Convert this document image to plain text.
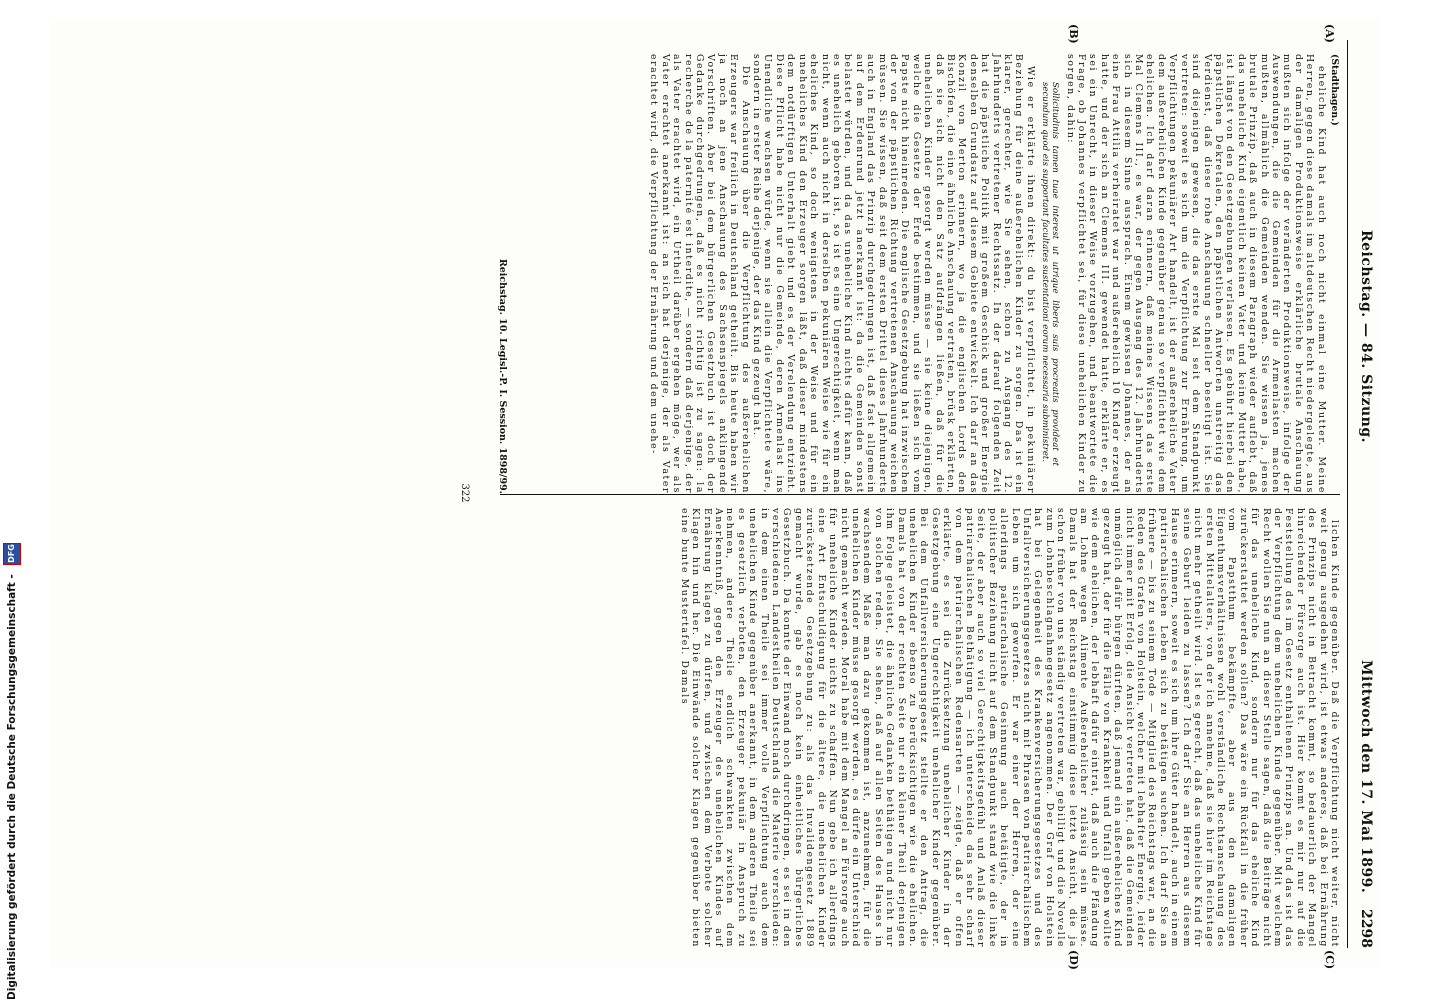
Reichstag. — 84. Sitzung.
Mittwoch den 17. Mai 1899.
2298
(A)
(B)
(C)
(D)

(Stadthagen.)

eheliche Kind hat auch noch nicht einmal eine Mutter. Meine Herren, gegen diese damals im altdeutschen Recht niedergelegte, aus der damaligen Produktionsweise erklärliche brutale Anschauung mußten sich infolge der veränderten Produktionsweise, infolge der Auswendungen, die die Gemeinden für die Armenlasten machen mußten, allmählich die Gemeinden wenden. Sie wissen ja, jenes brutale Prinzip, daß auch in diesem Paragraph wieder auflebt, daß das uneheliche Kind eigentlich keinen Vater und keine Mutter habe, ist längst von den Gesetzgebungen verlassen. Es gebührt hierbei den päpstlichen Dekretalen, den päpstlichen Antworten unstreitig das Verdienst, daß diese rohe Anschauung schneller beseitigt ist. Sie sind diejenigen gewesen, die das erste Mal seit dem Standpunkt vertreten: soweit es sich um die Verpflichtung zur Ernährung, um Verpflichtungen pekuniärer Art handelt, ist der außereheliche Vater dem außerehelichen Kinde gegenüber genau so verpflichtet wie dem ehelichen. Ich darf daran erinnern, daß meines Wissens das erste Mal Clemens III., es war, der gegen Ausgang des 12. Jahrhunderts sich in diesem Sinne aussprach. Einem gewissen Johannes, der an eine Frau Attilia verheiratet war und außerehelich 10 Kinder erzeugt hatte, und der sich an Clemens III. gewendet hatte, erklärte er, es sei ein Unrecht, in dieser Weise vorzugehen, und beantwortete die Frage, ob Johannes verpflichtet sei, für diese unehelichen Kinder zu sorgen, dahin:

Sollicitudinis tamen tuae interest ut utrique liberis suis procreatis provideat et secundum quod eis supportant facultates sustentationi eorum necessaria subministret.

Wie er erklärte ihnen direkt: du bist verpflichtet, in pekuniärer Beziehung für deine außerehelichen Kinder zu sorgen. Das ist ein klarer, gerechter, wie Sie sehen, schon zu Ausgang des 12. Jahrhunderts vertretener Rechtssatz. In der darauf folgenden Zeit hat die päpstliche Politik mit großem Geschick und großer Energie denselben Grundsatz auf diesem Gebiete entwickelt. Ich darf an das Konzil von Merton erinnern, wo ja die englischen Lords den Bischöfen, die eine ähnliche Anschauung vertraten, brüsk erklärten, daß sie sich nicht den Satz aufdrängen ließen, daß für die unehelichen Kinder gesorgt werden müsse — sie keine diejenigen, welche die Gesetze der Erde bestimmen, und sie ließen sich vom Papste nicht hineinreden. Die englische Gesetzgebung hat inzwischen der von der päpstlichen Richtung vertretenen Anschauung weichen müssen. Sie wissen, daß seit dem ersten Drittel dieses Jahrhunderts auch in England das Prinzip durchgedrungen ist, daß fast allgemein auf dem Erdenrund jetzt anerkannt ist: da die Gemeinden sonst belastet würden, und da das uneheliche Kind nichts dafür kann, daß es unehelich geboren ist, so ist es eine Ungerechtigkeit, wenn man nicht, wenn auch nicht in derselben pekuniären Weise wie für ein eheliches Kind, so doch wenigstens in der Weise und für ein uneheliches Kind den Erzeuger sorgen läßt, daß dieser mindestens dem notdürftigen Unterhalt giebt und es der Verelendung entzieht. Diese Pflicht habe nicht nur die Gemeinde, deren Armenlast ins Unendliche wachsen würde, wenn sie allein die Verpflichtete wäre, sondern in erster Reihe derjenige, der das Kind gezeugt hat.

Die Anschauung über die Verpflichtung des außerehelichen Erzeugers war freilich in Deutschland getheilt. Bis heute haben wir ja noch an jene Anschauung des Sachsenspiegels anklingende Vorschriften. Aber bei dem bürgerlichen Gesetzbuch ist doch der Gedanke durchgedrungen, daß es nicht richtig ist zu sagen: la recherche de la paternité est interdite, — sondern daß derjenige, der als Vater erachtet wird, ein Urtheil darüber ergehen möge, wer als Vater erachtet anerkannt ist: an sich hat derjenige, der als Vater erachtet wird, die Verpflichtung der Ernährung und dem unehe-

lichen Kinde gegenüber. Daß die Verpflichtung nicht weiter, nicht weit genug ausgedehnt wird, ist etwas anderes, daß bei Ernährung des Prinzips nicht in Betracht kommt, so bedauerlich der Mangel hinreichender Fürsorge auch ist. Hier kommt es mir nur auf die Feststellung des im Gesetz enthaltenen Prinzips an. Und das ist das der Verpflichtung dem unehelichen Kinde gegenüber. Mit welchem Recht wollen Sie nun an dieser Stelle sagen, daß die Beiträge nicht für das uneheliche Kind, sondern nur für das eheliche Kind zurückerstattet werden sollen? Das wäre ein Rückfall in die früher vom Papstthum bekämpfte, aber aus den damaligen Eigenthumsverhältnissen wohl verständliche Rechtsanschauung des ersten Mittelalters, von der ich annehme, daß sie hier im Reichstage nicht mehr getheilt wird. Ist es gerecht, daß das uneheliche Kind für seine Geburt leiden zu lassen? Ich darf Sie an Herren aus diesem Hause erinnern, soweit es sich um ihre Güter handelt, auch in einem patriarchalischen Leben sich zu betätigen suchen. Ich darf Sie an frühere — bis zu seinem Tode — Mitglied des Reichstags war, an die Reden des Grafen von Holstein, welcher mit lebhafter Energie, leider nicht immer mit Erfolg, die Ansicht vertreten hat, daß die Gemeinden unmöglich dafür bürgen dürften, daß jemand ein außereheliches Kind gezeugt hat, der für die Fälle von Krankheit und Unfall geben wollte wie dem ehelichen, der lebhaft dafür eintrat, daß auch die Pfändung am Lohne wegen Alimente Außerehelicher zulässig sein müsse. Damals hat der Reichstag einstimmig diese letzte Ansicht, die ja schon früher von uns ständig vertreten war, gebilligt und die Novelle zum Lohnbeschlagnahmegesetz angenommen. Der Graf von Holstein hat bei Gelegenheit des Krankenversicherungsgesetzes und des Unfallversicherungsgesetzes nicht mit Phrasen von patriarchalischem Leben um sich geworfen. Er war einer der Herren, der eine allerdings patriarchalische Gesinnung auch betätigte, der in politischer Beziehung nicht auf dem Standpunkt stand wie die linke Seite, der aber auch so viel Gerechtigkeitsgefühl und Anlaß dieser patriarchalischen Bethätigung — ich unterscheide das sehr scharf von dem patriarchalischen Redensarten — zeigte, daß er offen erklärte, es sei die Zurücksetzung unehelicher Kinder in der Gesetzgebung eine Ungerechtigkeit unehelicher Kinder gegenüber. Bei dem Unfallversicherungsgesetz stellte er den Antrag, die unehelichen Kinder ebenso zu berücksichtigen wie die ehelichen. Damals hat von der rechten Seite nur ein kleiner Theil derjenigen ihm Folge geleistet, die ähnliche Gedanken bethätigen und nicht nur von solchen reden. Sie sehen, daß auf allen Seiten des Hauses in wachsendem Maße man dazu gekommen ist, anzunehmen, für die unehelichen Kinder müsse gesorgt werden, es dürfe ein Unterschied nicht gemacht werden. Moral habe mit dem Mangel an Fürsorge auch für uneheliche Kinder nichts zu schaffen. Nun gebe ich allerdings eine Art Entschuldigung für die ältere, die unehelichen Kinder zurücksetzende Gesetzgebung zu: als das Invalidengesetz 1889 gemacht wurde, gab es noch kein einheitliches bürgerliches Gesetzbuch. Da konnte der Einwand noch durchdringen, es sei in den verschiedenen Landestheilen Deutschlands die Materie verschieden: in dem einen Theile sei immer volle Verpflichtung auch dem unehelichen Kinde gegenüber anerkannt, in dem anderen Theile sei es gesetzlich verboten, den Erzeuger pekuniär in Anspruch zu nehmen, andere Theile endlich schwankten zwischen dem Anerkenntniß, gegen den Erzeuger des unehelichen Kindes auf Ernährung klagen zu dürfen, und zwischen dem Verbote solcher Klagen hin und her. Die Einwände solcher Klagen gegenüber bieten eine bunte Mustertafel. Damals

Reichstag. 10. Legisl.-P. I. Session. 1898/99.
322
Digitalisierung gefördert durch die Deutsche Forschungsgemeinschaft - DFG
